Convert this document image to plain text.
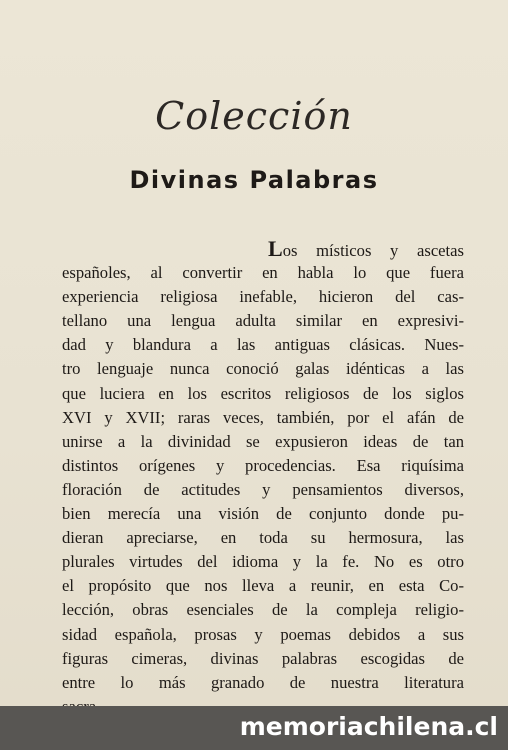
Colección
Divinas Palabras
Los místicos y ascetas
españoles, al convertir en habla lo que fuera
experiencia religiosa inefable, hicieron del cas-
tellano una lengua adulta similar en expresivi-
dad y blandura a las antiguas clásicas. Nues-
tro lenguaje nunca conoció galas idénticas a las
que luciera en los escritos religiosos de los siglos
XVI y XVII; raras veces, también, por el afán de
unirse a la divinidad se expusieron ideas de tan
distintos orígenes y procedencias. Esa riquísima
floración de actitudes y pensamientos diversos,
bien merecía una visión de conjunto donde pu-
dieran apreciarse, en toda su hermosura, las
plurales virtudes del idioma y la fe. No es otro
el propósito que nos lleva a reunir, en esta Co-
lección, obras esenciales de la compleja religio-
sidad española, prosas y poemas debidos a sus
figuras cimeras, divinas palabras escogidas de
entre lo más granado de nuestra literatura
memoriachilena.cl
